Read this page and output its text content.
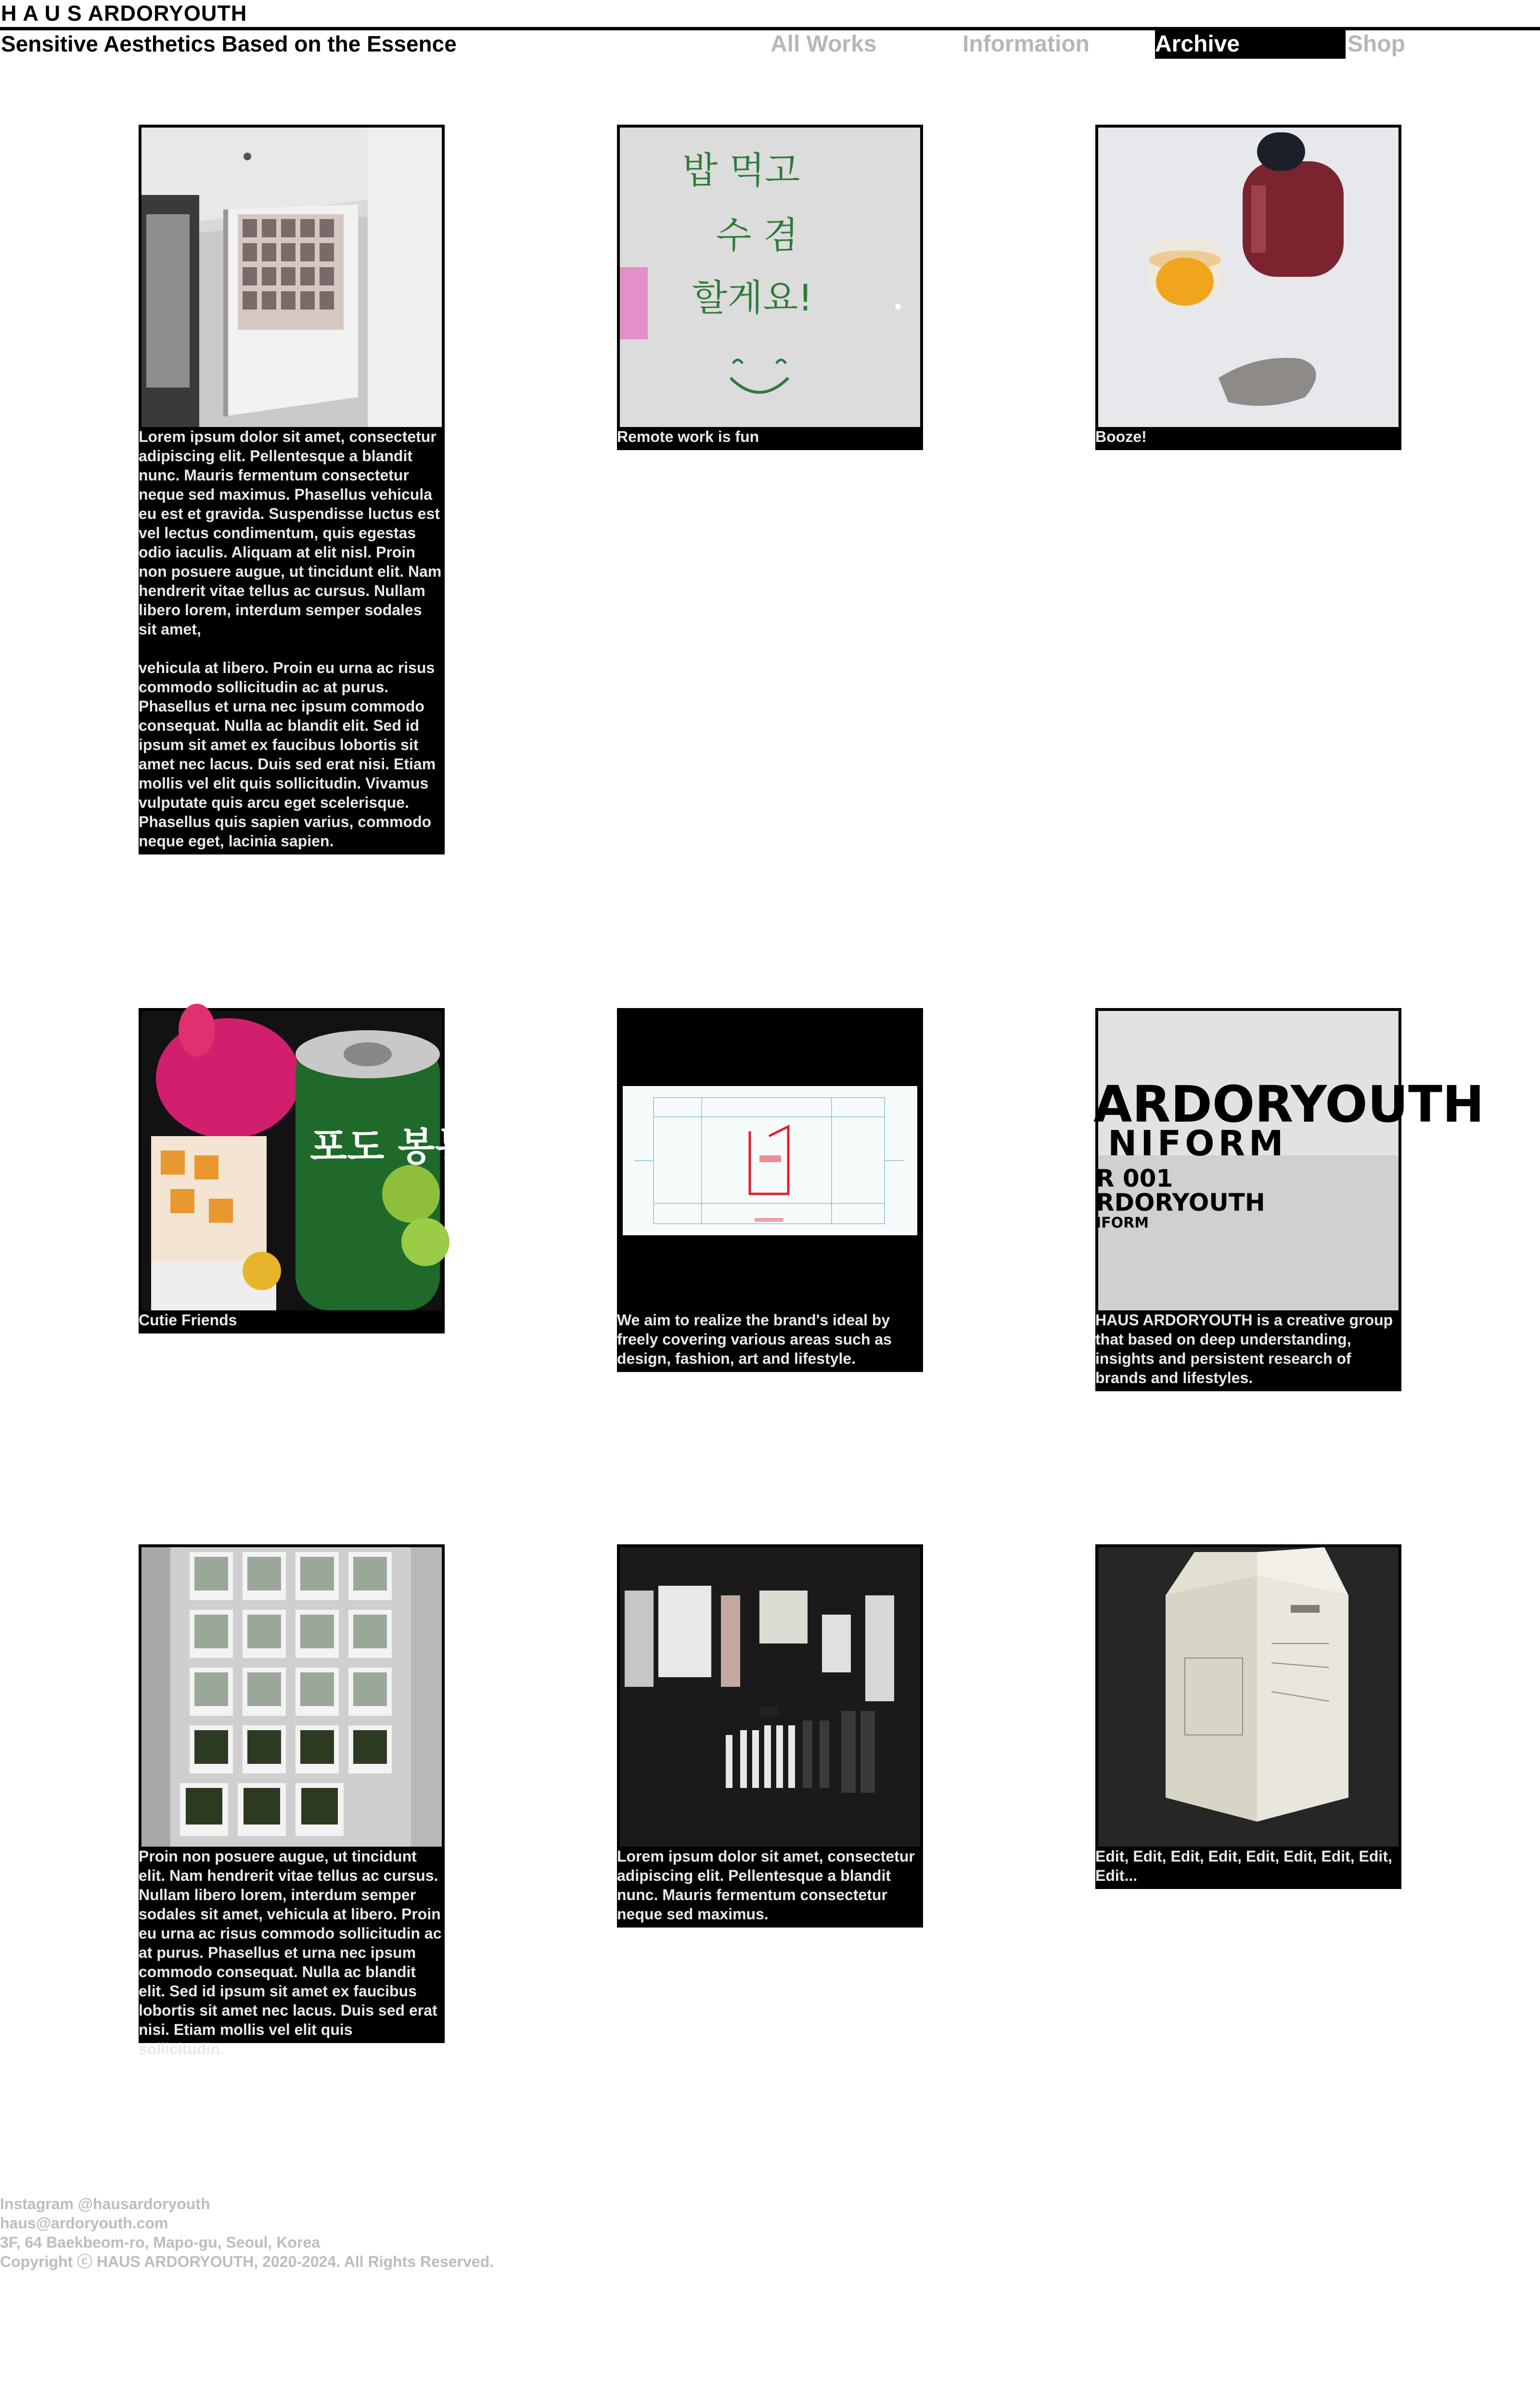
H A U S ARDORYOUTH
Sensitive Aesthetics Based on the Essence	All Works	Information	Archive	Shop

Lorem ipsum dolor sit amet, consectetur adipiscing elit. Pellentesque a blandit nunc. Mauris fermentum consectetur neque sed maximus. Phasellus vehicula eu est et gravida. Suspendisse luctus est vel lectus condimentum, quis egestas odio iaculis. Aliquam at elit nisl. Proin non posuere augue, ut tincidunt elit. Nam hendrerit vitae tellus ac cursus. Nullam libero lorem, interdum semper sodales sit amet,

vehicula at libero. Proin eu urna ac risus commodo sollicitudin ac at purus. Phasellus et urna nec ipsum commodo consequat. Nulla ac blandit elit. Sed id ipsum sit amet ex faucibus lobortis sit amet nec lacus. Duis sed erat nisi. Etiam mollis vel elit quis sollicitudin. Vivamus vulputate quis arcu eget scelerisque. Phasellus quis sapien varius, commodo neque eget, lacinia sapien.

밥 먹고
수 겸
할게요!

Remote work is fun	Booze!

포도 봉봉

Cutie Friends	We aim to realize the brand's ideal by freely covering various areas such as design, fashion, art and lifestyle.

ARDORYOUTH
NIFORM
R 001
RDORYOUTH
IFORM

HAUS ARDORYOUTH is a creative group that based on deep understanding, insights and persistent research of brands and lifestyles.

Proin non posuere augue, ut tincidunt elit. Nam hendrerit vitae tellus ac cursus. Nullam libero lorem, interdum semper sodales sit amet, vehicula at libero. Proin eu urna ac risus commodo sollicitudin ac at purus. Phasellus et urna nec ipsum commodo consequat. Nulla ac blandit elit. Sed id ipsum sit amet ex faucibus lobortis sit amet nec lacus. Duis sed erat nisi. Etiam mollis vel elit quis sollicitudin.

Lorem ipsum dolor sit amet, consectetur adipiscing elit. Pellentesque a blandit nunc. Mauris fermentum consectetur neque sed maximus.

Edit, Edit, Edit, Edit, Edit, Edit, Edit, Edit, Edit...

Instagram @hausardoryouth
haus@ardoryouth.com
3F, 64 Baekbeom-ro, Mapo-gu, Seoul, Korea
Copyright ⓒ HAUS ARDORYOUTH, 2020-2024. All Rights Reserved.
